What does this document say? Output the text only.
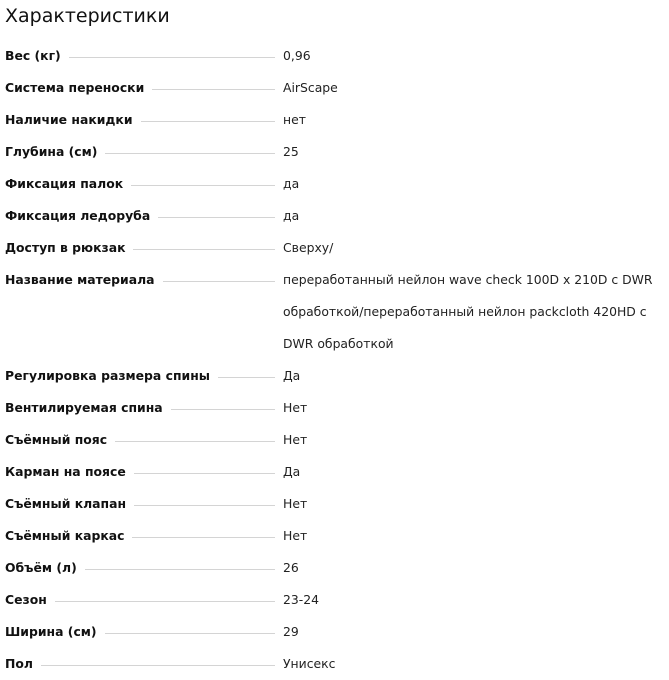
Характеристики
Вес (кг)	0,96
Система переноски	AirScape
Наличие накидки	нет
Глубина (см)	25
Фиксация палок	да
Фиксация ледоруба	да
Доступ в рюкзак	Сверху/
Название материала	переработанный нейлон wave check 100D x 210D с DWR обработкой/переработанный нейлон packcloth 420HD с DWR обработкой
Регулировка размера спины	Да
Вентилируемая спина	Нет
Съёмный пояс	Нет
Карман на поясе	Да
Съёмный клапан	Нет
Съёмный каркас	Нет
Объём (л)	26
Сезон	23-24
Ширина (см)	29
Пол	Унисекс
